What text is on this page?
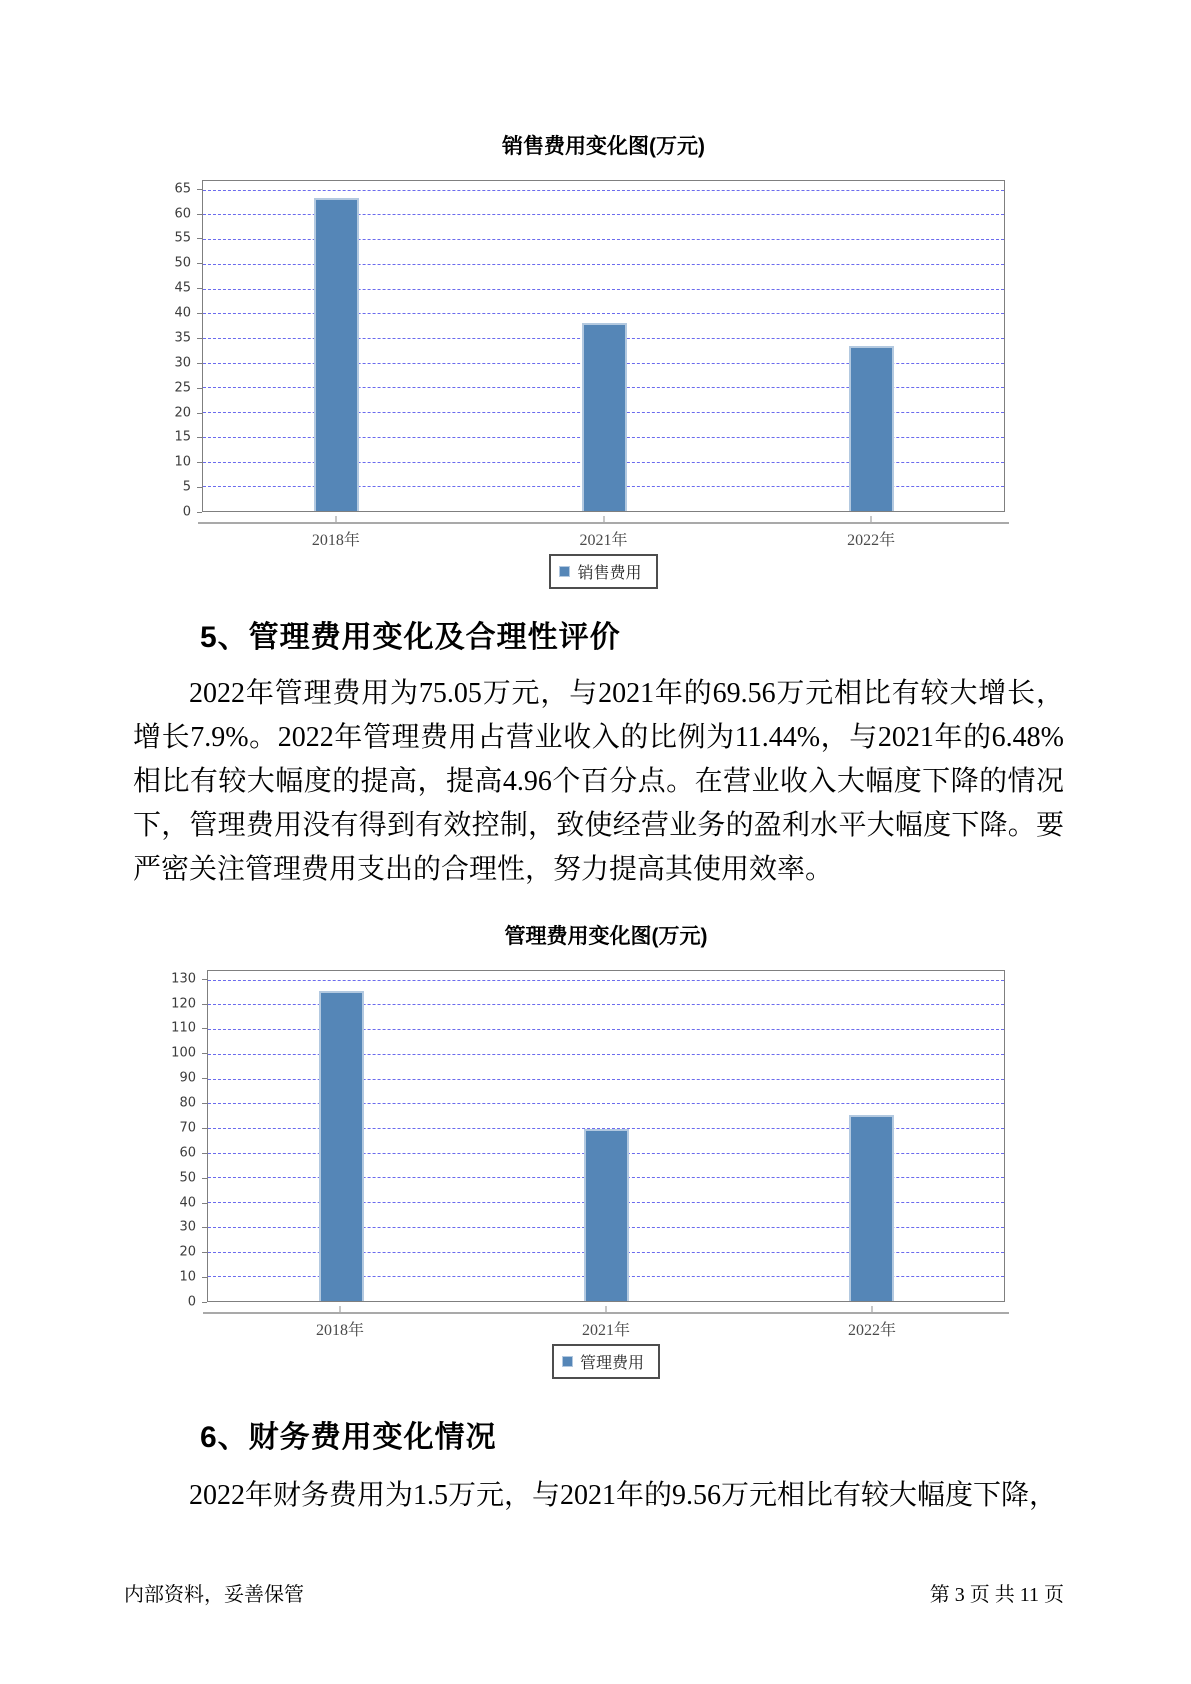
销售费用变化图(万元)
0
5
10
15
20
25
30
35
40
45
50
55
60
65
2018年	2021年	2022年
销售费用
5、管理费用变化及合理性评价

2022年管理费用为75.05万元，与2021年的69.56万元相比有较大增长，增长7.9%。2022年管理费用占营业收入的比例为11.44%，与2021年的6.48%相比有较大幅度的提高，提高4.96个百分点。在营业收入大幅度下降的情况下，管理费用没有得到有效控制，致使经营业务的盈利水平大幅度下降。要严密关注管理费用支出的合理性，努力提高其使用效率。

管理费用变化图(万元)
0
10
20
30
40
50
60
70
80
90
100
110
120
130
2018年	2021年	2022年
管理费用
6、财务费用变化情况

2022年财务费用为1.5万元，与2021年的9.56万元相比有较大幅度下降，

内部资料，妥善保管	第 3 页 共 11 页
